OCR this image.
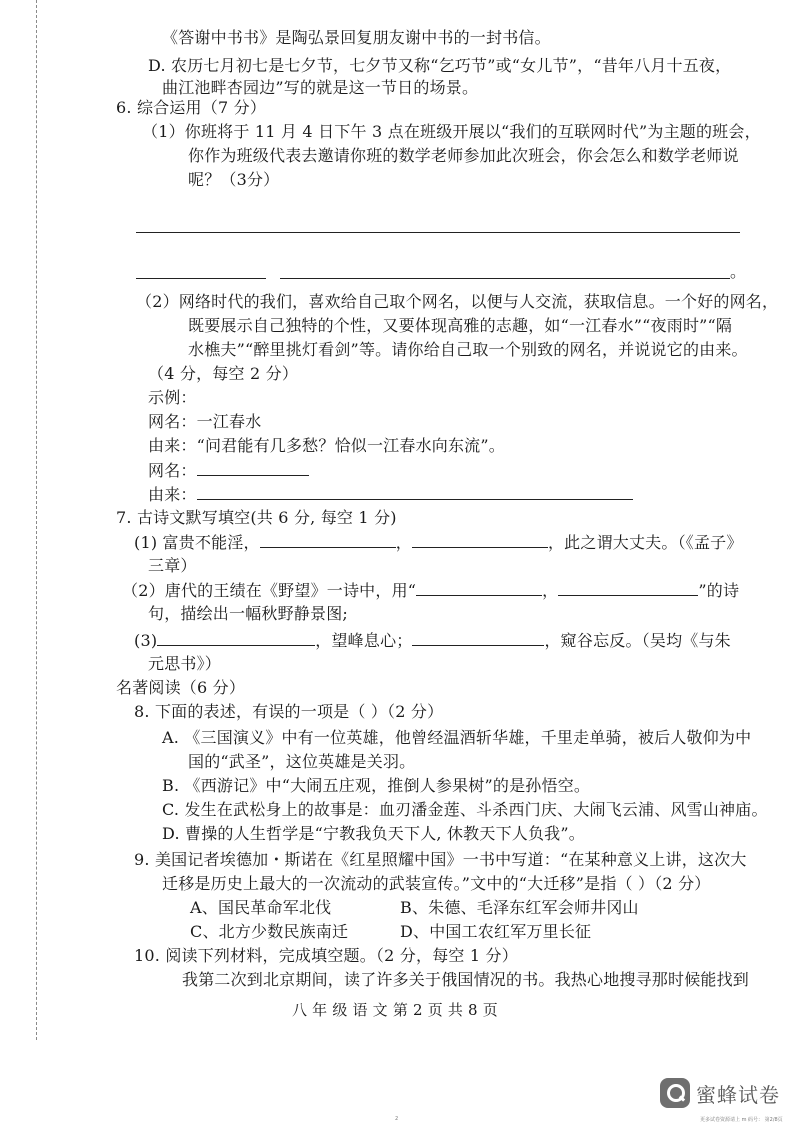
《答谢中书书》是陶弘景回复朋友谢中书的一封书信。
D. 农历七月初七是七夕节，七夕节又称“乞巧节”或“女儿节”，“昔年八月十五夜，
曲江池畔杏园边”写的就是这一节日的场景。
6. 综合运用（7 分）
（1）你班将于 11 月 4 日下午 3 点在班级开展以“我们的互联网时代”为主题的班会，
你作为班级代表去邀请你班的数学老师参加此次班会，你会怎么和数学老师说
呢？（3分）
。
（2）网络时代的我们，喜欢给自己取个网名，以便与人交流，获取信息。一个好的网名，
既要展示自己独特的个性，又要体现高雅的志趣，如“一江春水”“夜雨时”“隔
水樵夫”“醉里挑灯看剑”等。请你给自己取一个别致的网名，并说说它的由来。
（4 分，每空 2 分）
示例：
网名：一江春水
由来：“问君能有几多愁？恰似一江春水向东流”。
网名：
由来：
7. 古诗文默写填空(共 6 分, 每空 1 分)
(1) 富贵不能淫，	，	，此之谓大丈夫。（《孟子》
三章）
（2）唐代的王绩在《野望》一诗中，用“	，	”的诗
句，描绘出一幅秋野静景图;
(3)	，望峰息心；	，窥谷忘反。（吴均《与朱
元思书》）
名著阅读（6 分）
8. 下面的表述，有误的一项是（ ）（2 分）
A. 《三国演义》中有一位英雄，他曾经温酒斩华雄，千里走单骑，被后人敬仰为中
国的“武圣”，这位英雄是关羽。
B. 《西游记》中“大闹五庄观，推倒人参果树”的是孙悟空。
C. 发生在武松身上的故事是：血刃潘金莲、斗杀西门庆、大闹飞云浦、风雪山神庙。
D. 曹操的人生哲学是“宁教我负天下人, 休教天下人负我”。
9. 美国记者埃德加・斯诺在《红星照耀中国》一书中写道：“在某种意义上讲，这次大
迁移是历史上最大的一次流动的武装宣传。”文中的“大迁移”是指（ ）（2 分）
A、国民革命军北伐	B、朱德、毛泽东红军会师井冈山
C、北方少数民族南迁	D、中国工农红军万里长征
10. 阅读下列材料，完成填空题。（2 分，每空 1 分）
我第二次到北京期间，读了许多关于俄国情况的书。我热心地搜寻那时候能找到
八 年 级 语 文 第 2 页 共 8 页
蜜蜂试卷
2	更多试卷资源请上 m 码号： 第2/8页
